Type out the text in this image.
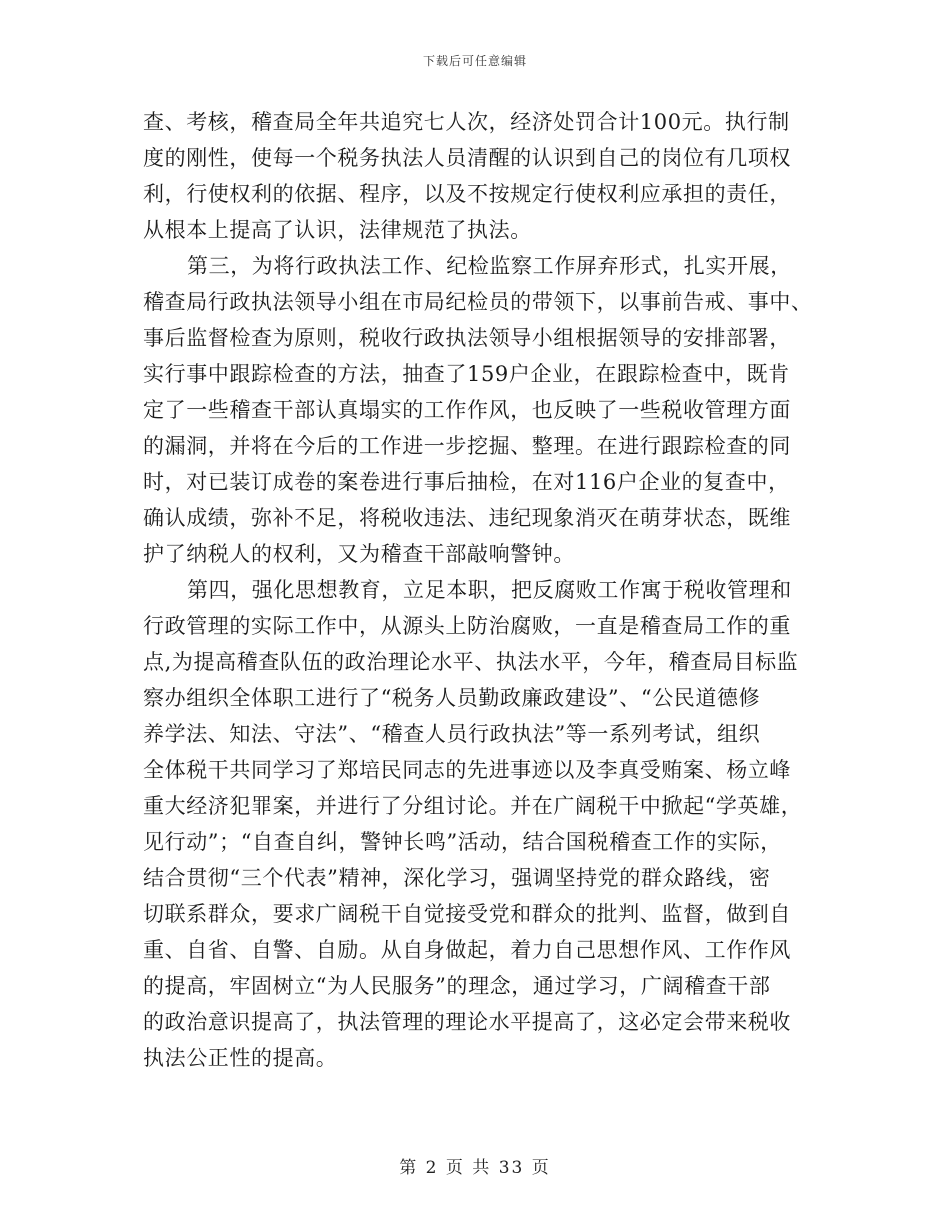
下载后可任意编辑
查、考核，稽查局全年共追究七人次，经济处罚合计100元。执行制
度的刚性，使每一个税务执法人员清醒的认识到自己的岗位有几项权
利，行使权利的依据、程序，以及不按规定行使权利应承担的责任，
从根本上提高了认识，法律规范了执法。
第三，为将行政执法工作、纪检监察工作屏弃形式，扎实开展，
稽查局行政执法领导小组在市局纪检员的带领下，以事前告戒、事中、
事后监督检查为原则，税收行政执法领导小组根据领导的安排部署，
实行事中跟踪检查的方法，抽查了159户企业，在跟踪检查中，既肯
定了一些稽查干部认真塌实的工作作风，也反映了一些税收管理方面
的漏洞，并将在今后的工作进一步挖掘、整理。在进行跟踪检查的同
时，对已装订成卷的案卷进行事后抽检，在对116户企业的复查中，
确认成绩，弥补不足，将税收违法、违纪现象消灭在萌芽状态，既维
护了纳税人的权利，又为稽查干部敲响警钟。
第四，强化思想教育，立足本职，把反腐败工作寓于税收管理和
行政管理的实际工作中，从源头上防治腐败，一直是稽查局工作的重
点,为提高稽查队伍的政治理论水平、执法水平，今年，稽查局目标监
察办组织全体职工进行了“税务人员勤政廉政建设”、“公民道德修
养学法、知法、守法”、“稽查人员行政执法”等一系列考试，组织
全体税干共同学习了郑培民同志的先进事迹以及李真受贿案、杨立峰
重大经济犯罪案，并进行了分组讨论。并在广阔税干中掀起“学英雄，
见行动”；“自查自纠，警钟长鸣”活动，结合国税稽查工作的实际，
结合贯彻“三个代表”精神，深化学习，强调坚持党的群众路线，密
切联系群众，要求广阔税干自觉接受党和群众的批判、监督，做到自
重、自省、自警、自励。从自身做起，着力自己思想作风、工作作风
的提高，牢固树立“为人民服务”的理念，通过学习，广阔稽查干部
的政治意识提高了，执法管理的理论水平提高了，这必定会带来税收
执法公正性的提高。
第 2 页 共 33 页
